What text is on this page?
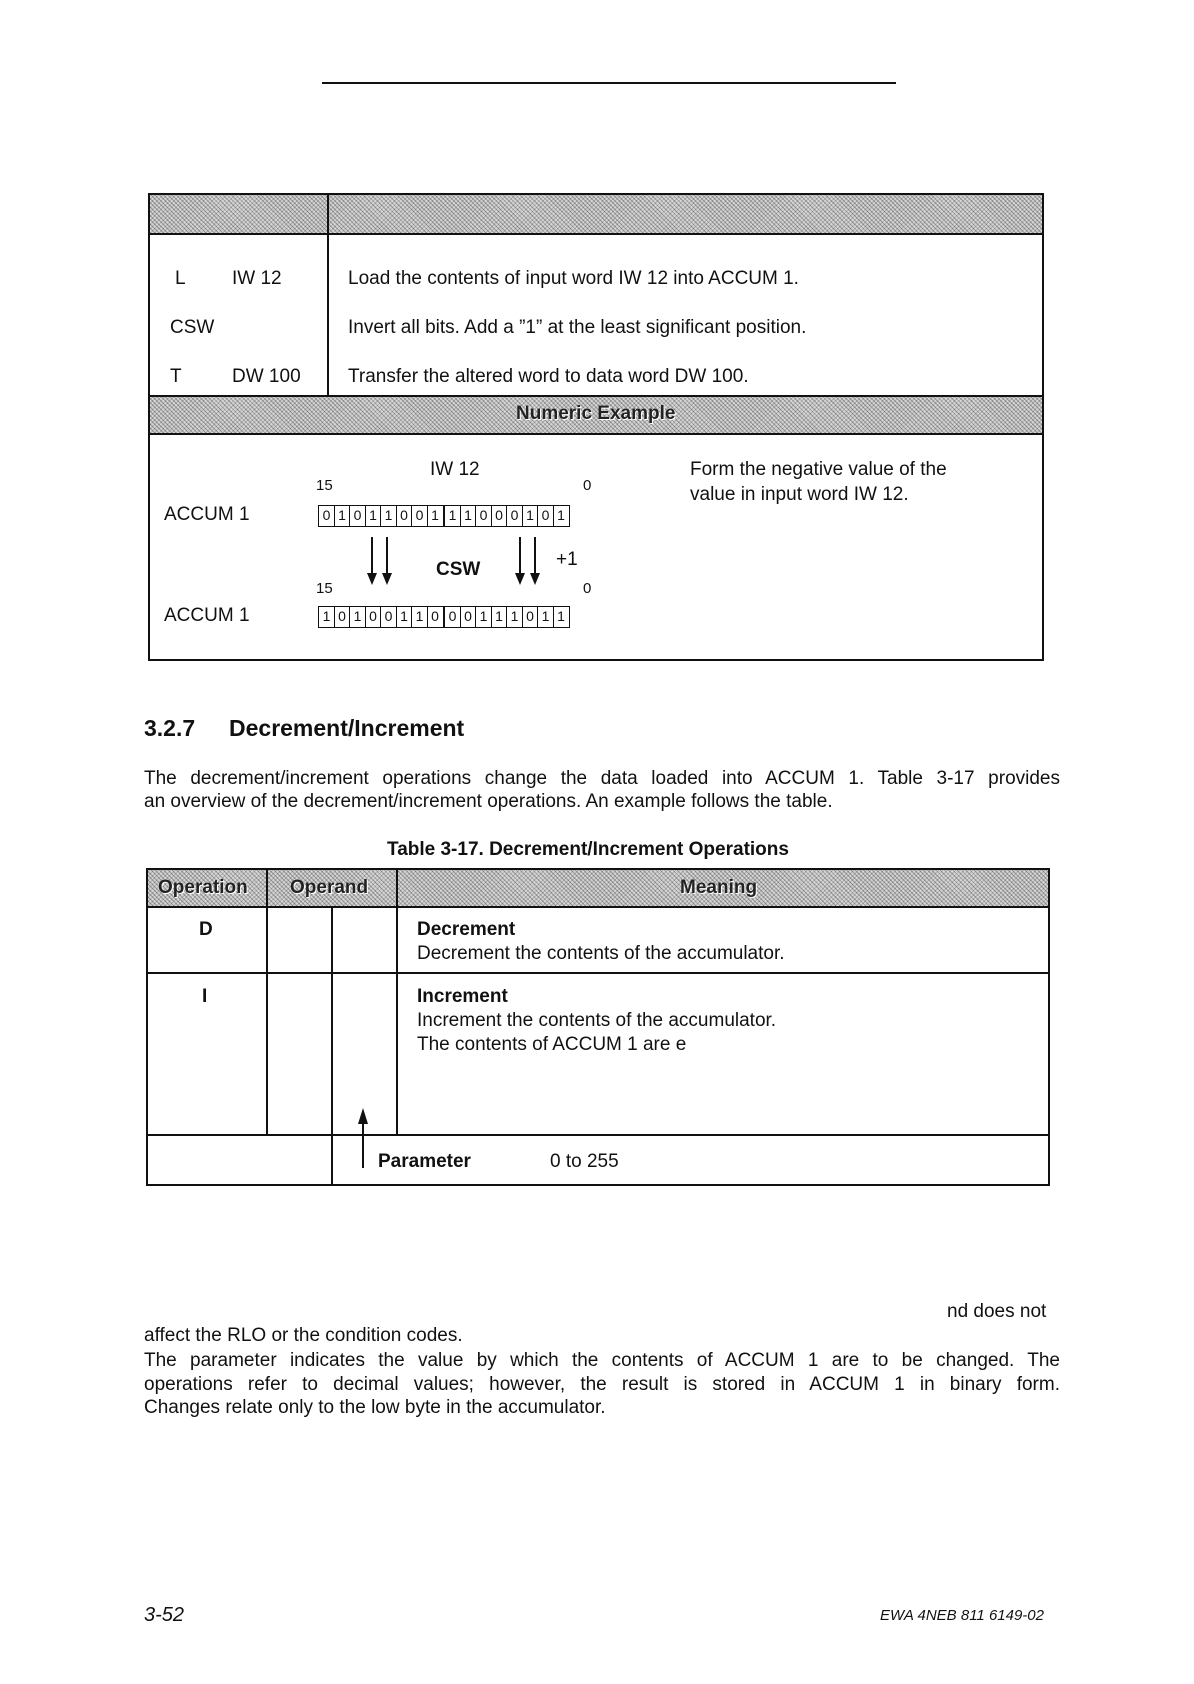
L IW 12	Load the contents of input word IW 12 into ACCUM 1.
CSW	Invert all bits. Add a ”1” at the least significant position.
T	DW 100 Transfer the altered word to data word DW 100.
Numeric Example
IW 12
15	0
ACCUM 1	0 1 0 1 1 0 0 1 1 1 0 0 0 1 0 1
Form the negative value of the
value in input word IW 12.
CSW	+1
15	0
ACCUM 1	1 0 1 0 0 1 1 0 0 0 1 1 1 0 1 1
3.2.7 Decrement/Increment
The decrement/increment operations change the data loaded into ACCUM 1. Table 3-17 provides
an overview of the decrement/increment operations. An example follows the table.
Table 3-17. Decrement/Increment Operations
Operation Operand	Meaning
D	Decrement
Decrement the contents of the accumulator.
I	Increment
Increment the contents of the accumulator.
The contents of ACCUM 1 are e
Parameter	0 to 255
nd does not
affect the RLO or the condition codes.
The parameter indicates the value by which the contents of ACCUM 1 are to be changed. The
operations refer to decimal values; however, the result is stored in ACCUM 1 in binary form.
Changes relate only to the low byte in the accumulator.
3-52	EWA 4NEB 811 6149-02
